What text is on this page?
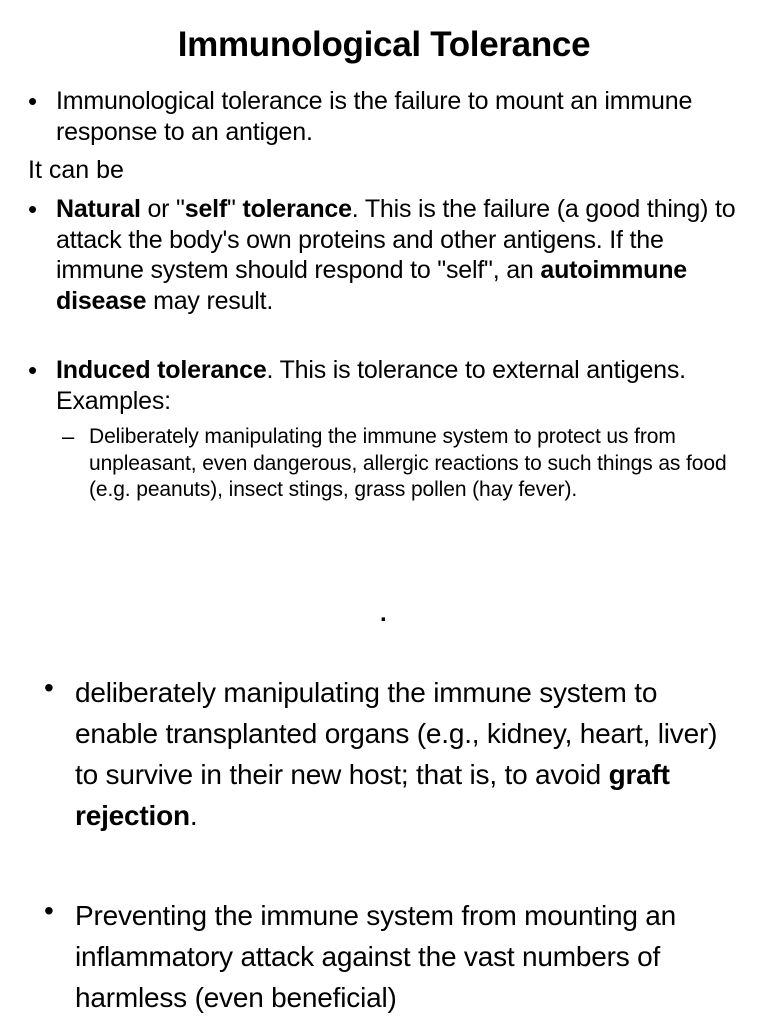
Immunological Tolerance
• Immunological tolerance is the failure to mount an immune response to an antigen.
It can be
• Natural or "self" tolerance. This is the failure (a good thing) to attack the body's own proteins and other antigens. If the immune system should respond to "self", an autoimmune disease may result.
• Induced tolerance. This is tolerance to external antigens. Examples:
– Deliberately manipulating the immune system to protect us from unpleasant, even dangerous, allergic reactions to such things as food (e.g. peanuts), insect stings, grass pollen (hay fever).
.
• deliberately manipulating the immune system to enable transplanted organs (e.g., kidney, heart, liver) to survive in their new host; that is, to avoid graft rejection.
• Preventing the immune system from mounting an inflammatory attack against the vast numbers of harmless (even beneficial)
